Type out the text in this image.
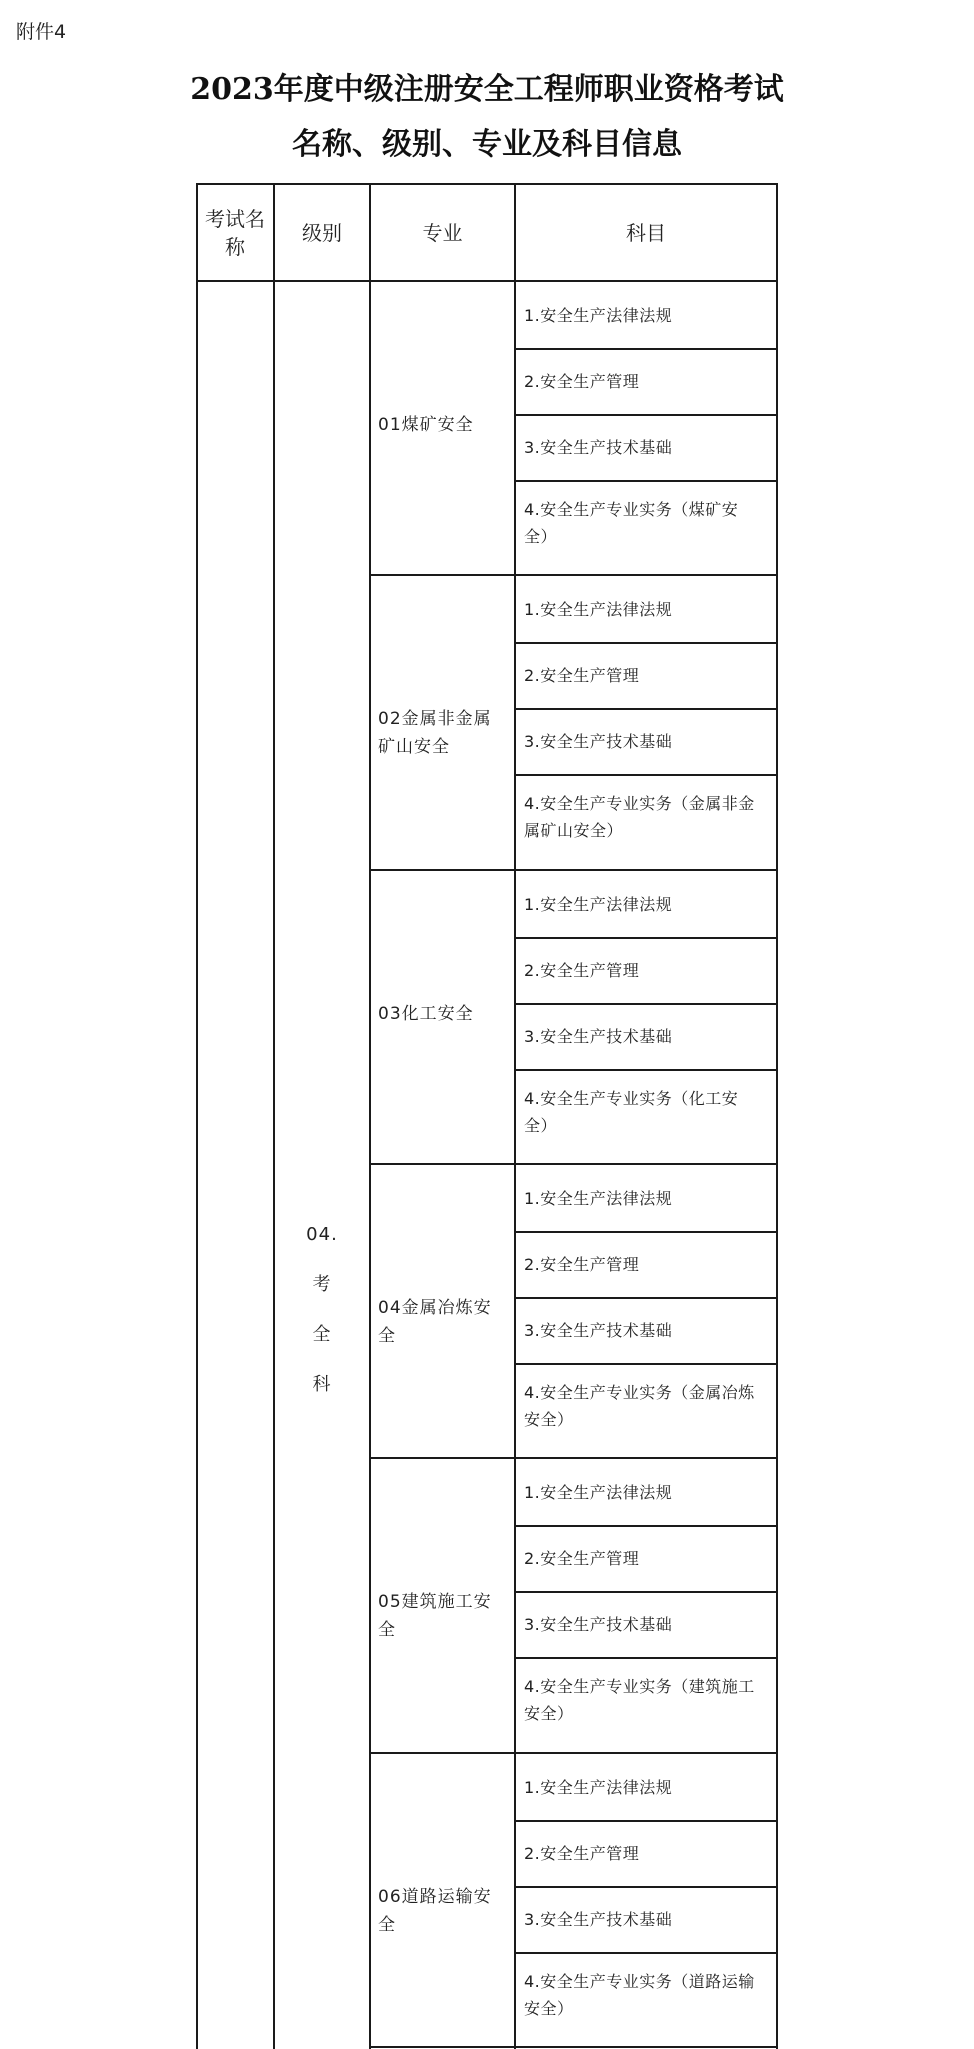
附件4
2023年度中级注册安全工程师职业资格考试
名称、级别、专业及科目信息
考试名称
级别	专业	科目
04.
考
全
科
01煤矿安全
1.安全生产法律法规
2.安全生产管理
3.安全生产技术基础
4.安全生产专业实务（煤矿安全）
02金属非金属矿山安全
1.安全生产法律法规
2.安全生产管理
3.安全生产技术基础
4.安全生产专业实务（金属非金属矿山安全）
03化工安全
1.安全生产法律法规
2.安全生产管理
3.安全生产技术基础
4.安全生产专业实务（化工安全）
04金属冶炼安全
1.安全生产法律法规
2.安全生产管理
3.安全生产技术基础
4.安全生产专业实务（金属冶炼安全）
05建筑施工安全
1.安全生产法律法规
2.安全生产管理
3.安全生产技术基础
4.安全生产专业实务（建筑施工安全）
06道路运输安全
1.安全生产法律法规
2.安全生产管理
3.安全生产技术基础
4.安全生产专业实务（道路运输安全）
